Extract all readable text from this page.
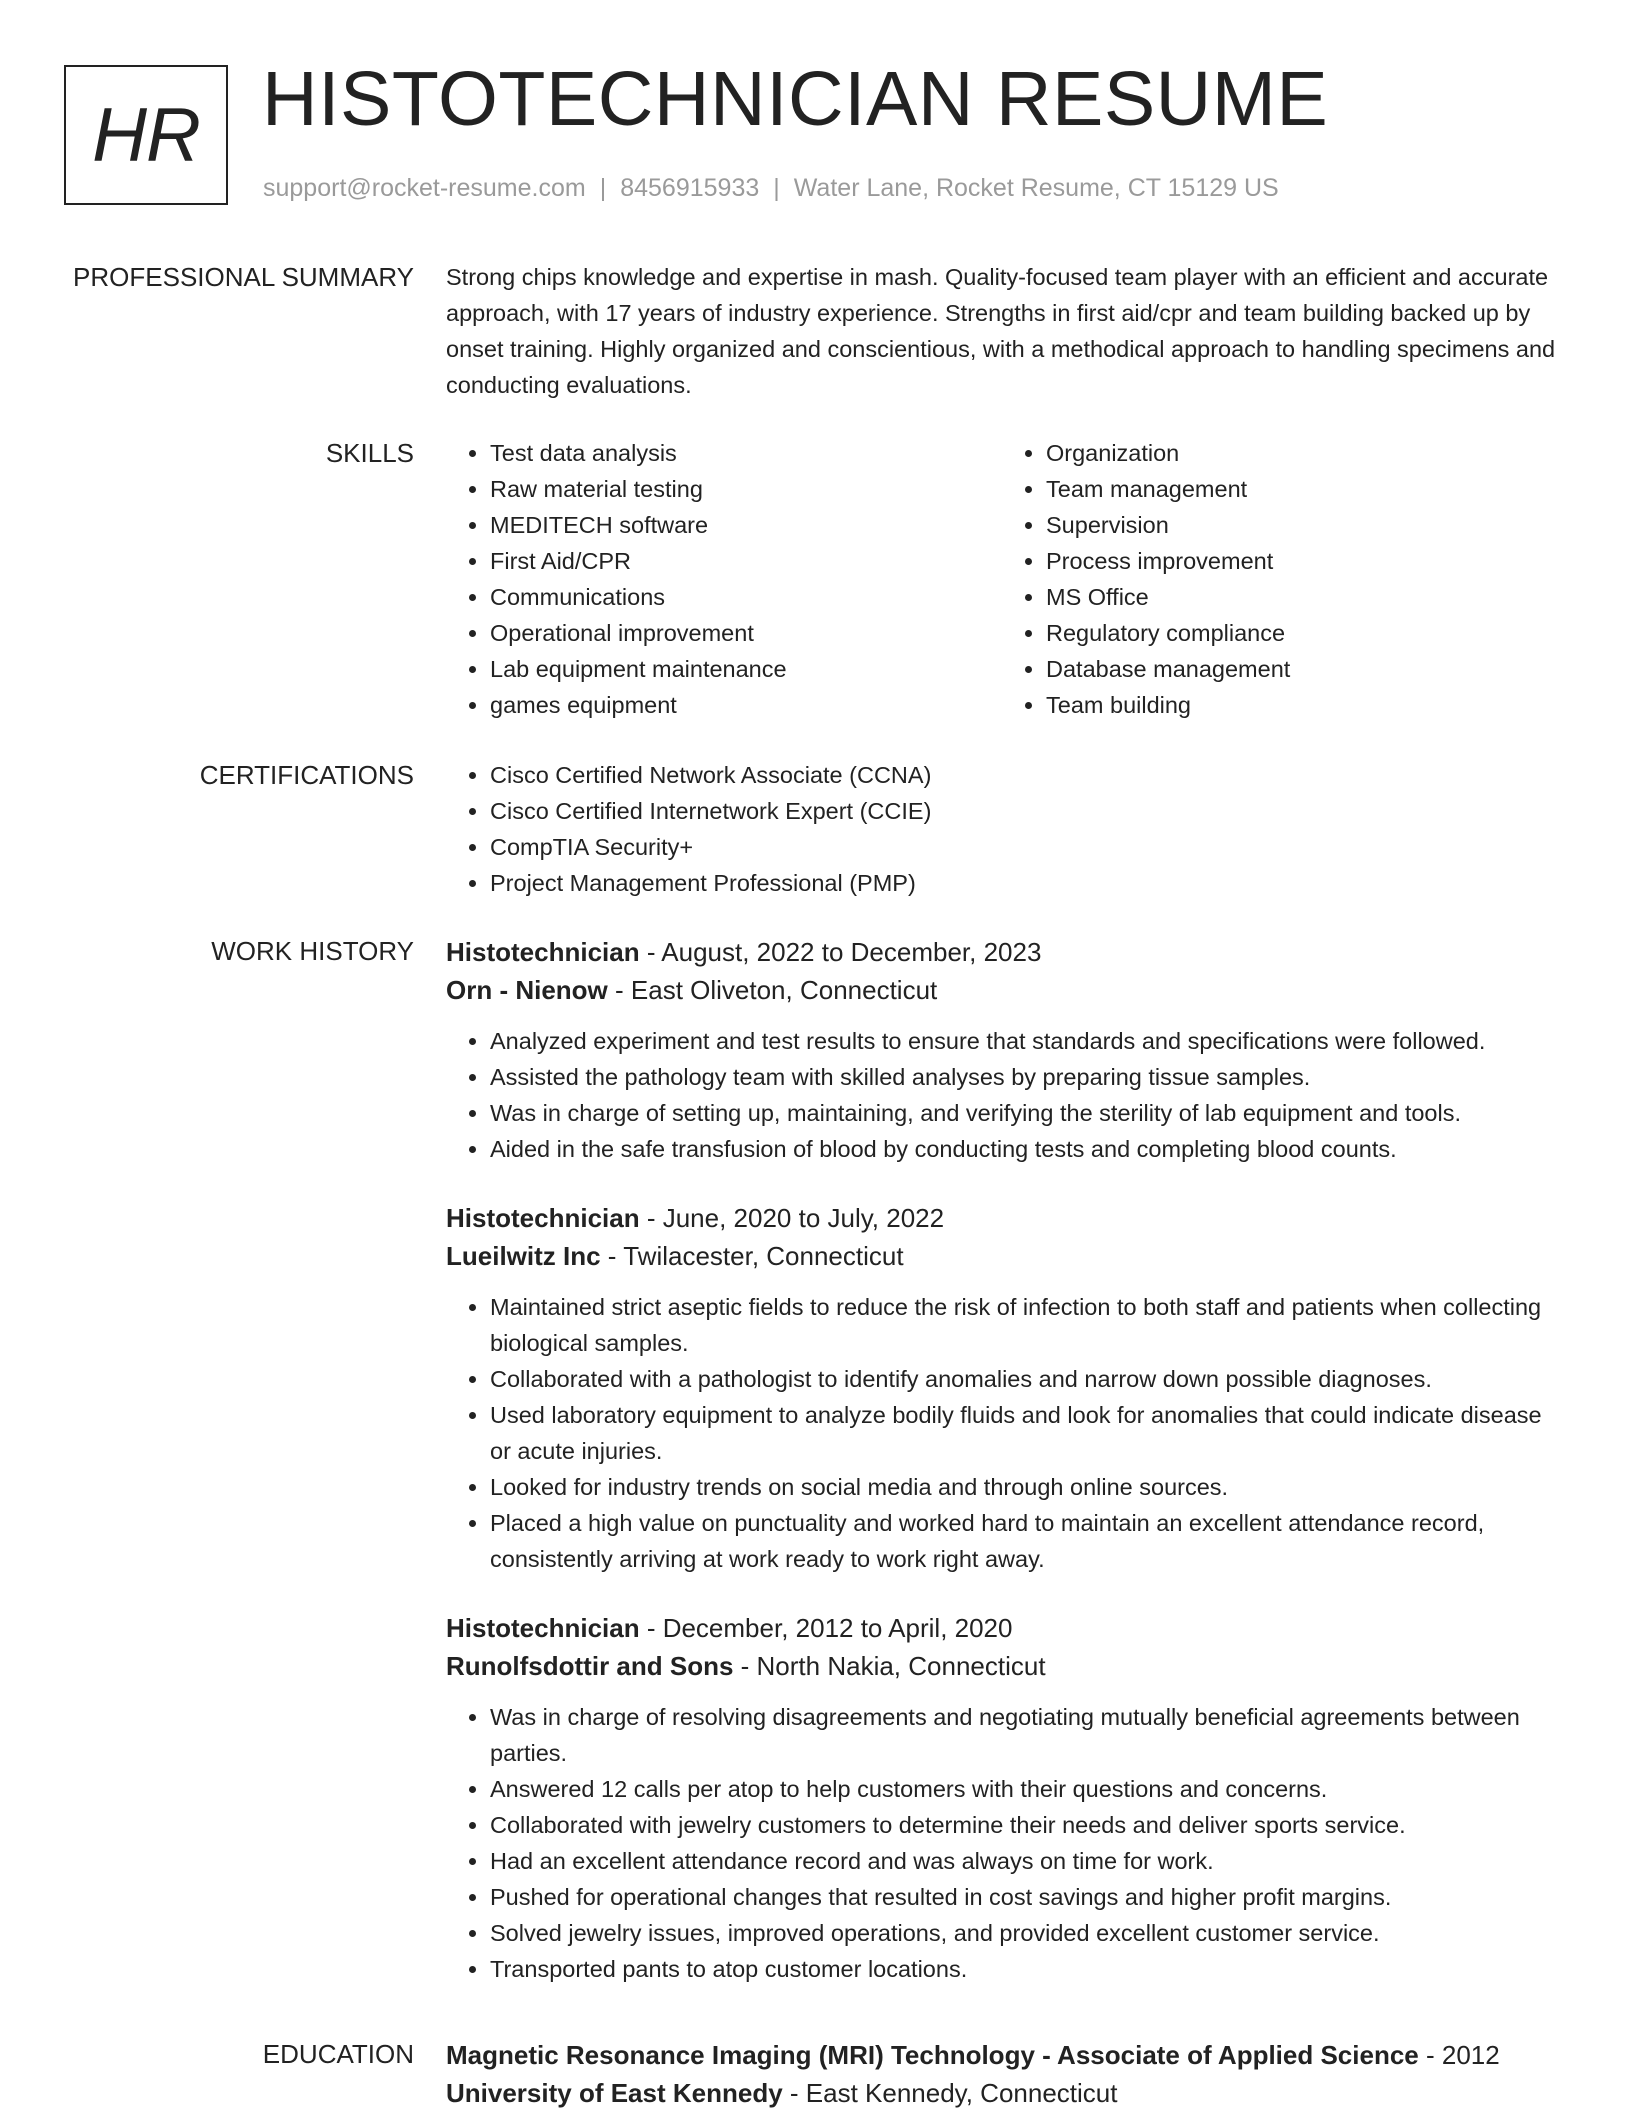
HR HISTOTECHNICIAN RESUME
support@rocket-resume.com | 8456915933 | Water Lane, Rocket Resume, CT 15129 US
PROFESSIONAL SUMMARY Strong chips knowledge and expertise in mash. Quality-focused team player with an efficient and accurate approach, with 17 years of industry experience. Strengths in first aid/cpr and team building backed up by onset training. Highly organized and conscientious, with a methodical approach to handling specimens and conducting evaluations.

SKILLS	• Test data analysis
• Raw material testing
• MEDITECH software
• First Aid/CPR
• Communications
• Operational improvement
• Lab equipment maintenance
• games equipment
• Organization
• Team management
• Supervision
• Process improvement
• MS Office
• Regulatory compliance
• Database management
• Team building
CERTIFICATIONS	• Cisco Certified Network Associate (CCNA)
• Cisco Certified Internetwork Expert (CCIE)
• CompTIA Security+
• Project Management Professional (PMP)
WORK HISTORY Histotechnician - August, 2022 to December, 2023
Orn - Nienow - East Oliveton, Connecticut
• Analyzed experiment and test results to ensure that standards and specifications were followed.
• Assisted the pathology team with skilled analyses by preparing tissue samples.
• Was in charge of setting up, maintaining, and verifying the sterility of lab equipment and tools.
• Aided in the safe transfusion of blood by conducting tests and completing blood counts.
Histotechnician - June, 2020 to July, 2022
Lueilwitz Inc - Twilacester, Connecticut
• Maintained strict aseptic fields to reduce the risk of infection to both staff and patients when collecting biological samples.
• Collaborated with a pathologist to identify anomalies and narrow down possible diagnoses.
• Used laboratory equipment to analyze bodily fluids and look for anomalies that could indicate disease or acute injuries.
• Looked for industry trends on social media and through online sources.
• Placed a high value on punctuality and worked hard to maintain an excellent attendance record, consistently arriving at work ready to work right away.
Histotechnician - December, 2012 to April, 2020
Runolfsdottir and Sons - North Nakia, Connecticut
• Was in charge of resolving disagreements and negotiating mutually beneficial agreements between parties.
• Answered 12 calls per atop to help customers with their questions and concerns.
• Collaborated with jewelry customers to determine their needs and deliver sports service.
• Had an excellent attendance record and was always on time for work.
• Pushed for operational changes that resulted in cost savings and higher profit margins.
• Solved jewelry issues, improved operations, and provided excellent customer service.
• Transported pants to atop customer locations.
EDUCATION Magnetic Resonance Imaging (MRI) Technology - Associate of Applied Science - 2012
University of East Kennedy - East Kennedy, Connecticut
